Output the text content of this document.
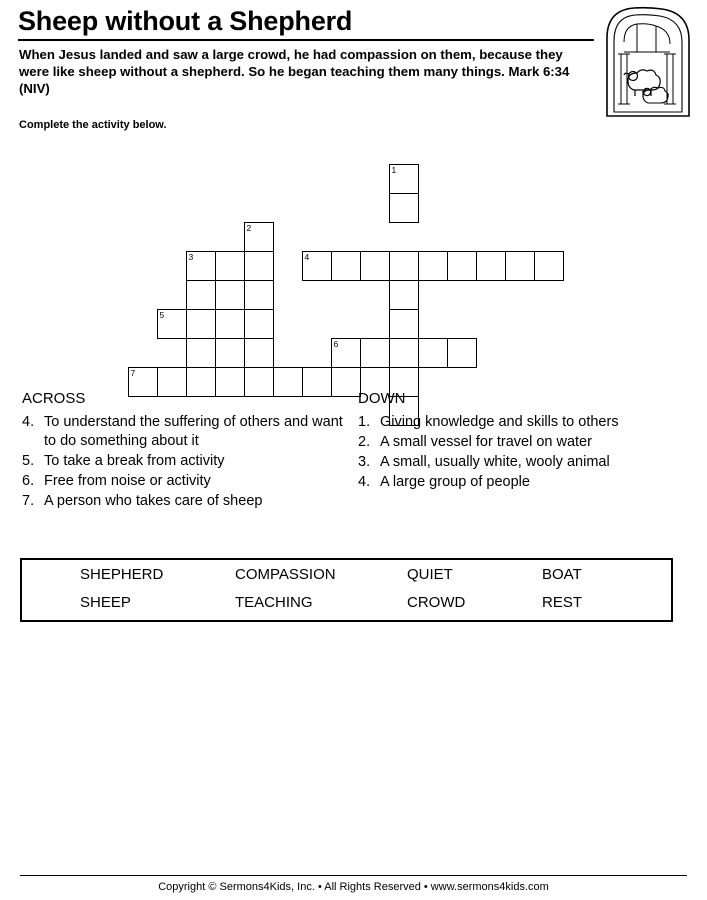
Sheep without a Shepherd
When Jesus landed and saw a large crowd, he had compassion on them, because they were like sheep without a shepherd. So he began teaching them many things. Mark 6:34 (NIV)
Complete the activity below.
1
2
3	4
5
6
7
ACROSS
4. To understand the suffering of others and want to do something about it
5. To take a break from activity
6. Free from noise or activity
7. A person who takes care of sheep
DOWN
1. Giving knowledge and skills to others
2. A small vessel for travel on water
3. A small, usually white, wooly animal
4. A large group of people
SHEPHERD	COMPASSION	QUIET	BOAT
SHEEP	TEACHING	CROWD	REST
Copyright © Sermons4Kids, Inc. • All Rights Reserved • www.sermons4kids.com
